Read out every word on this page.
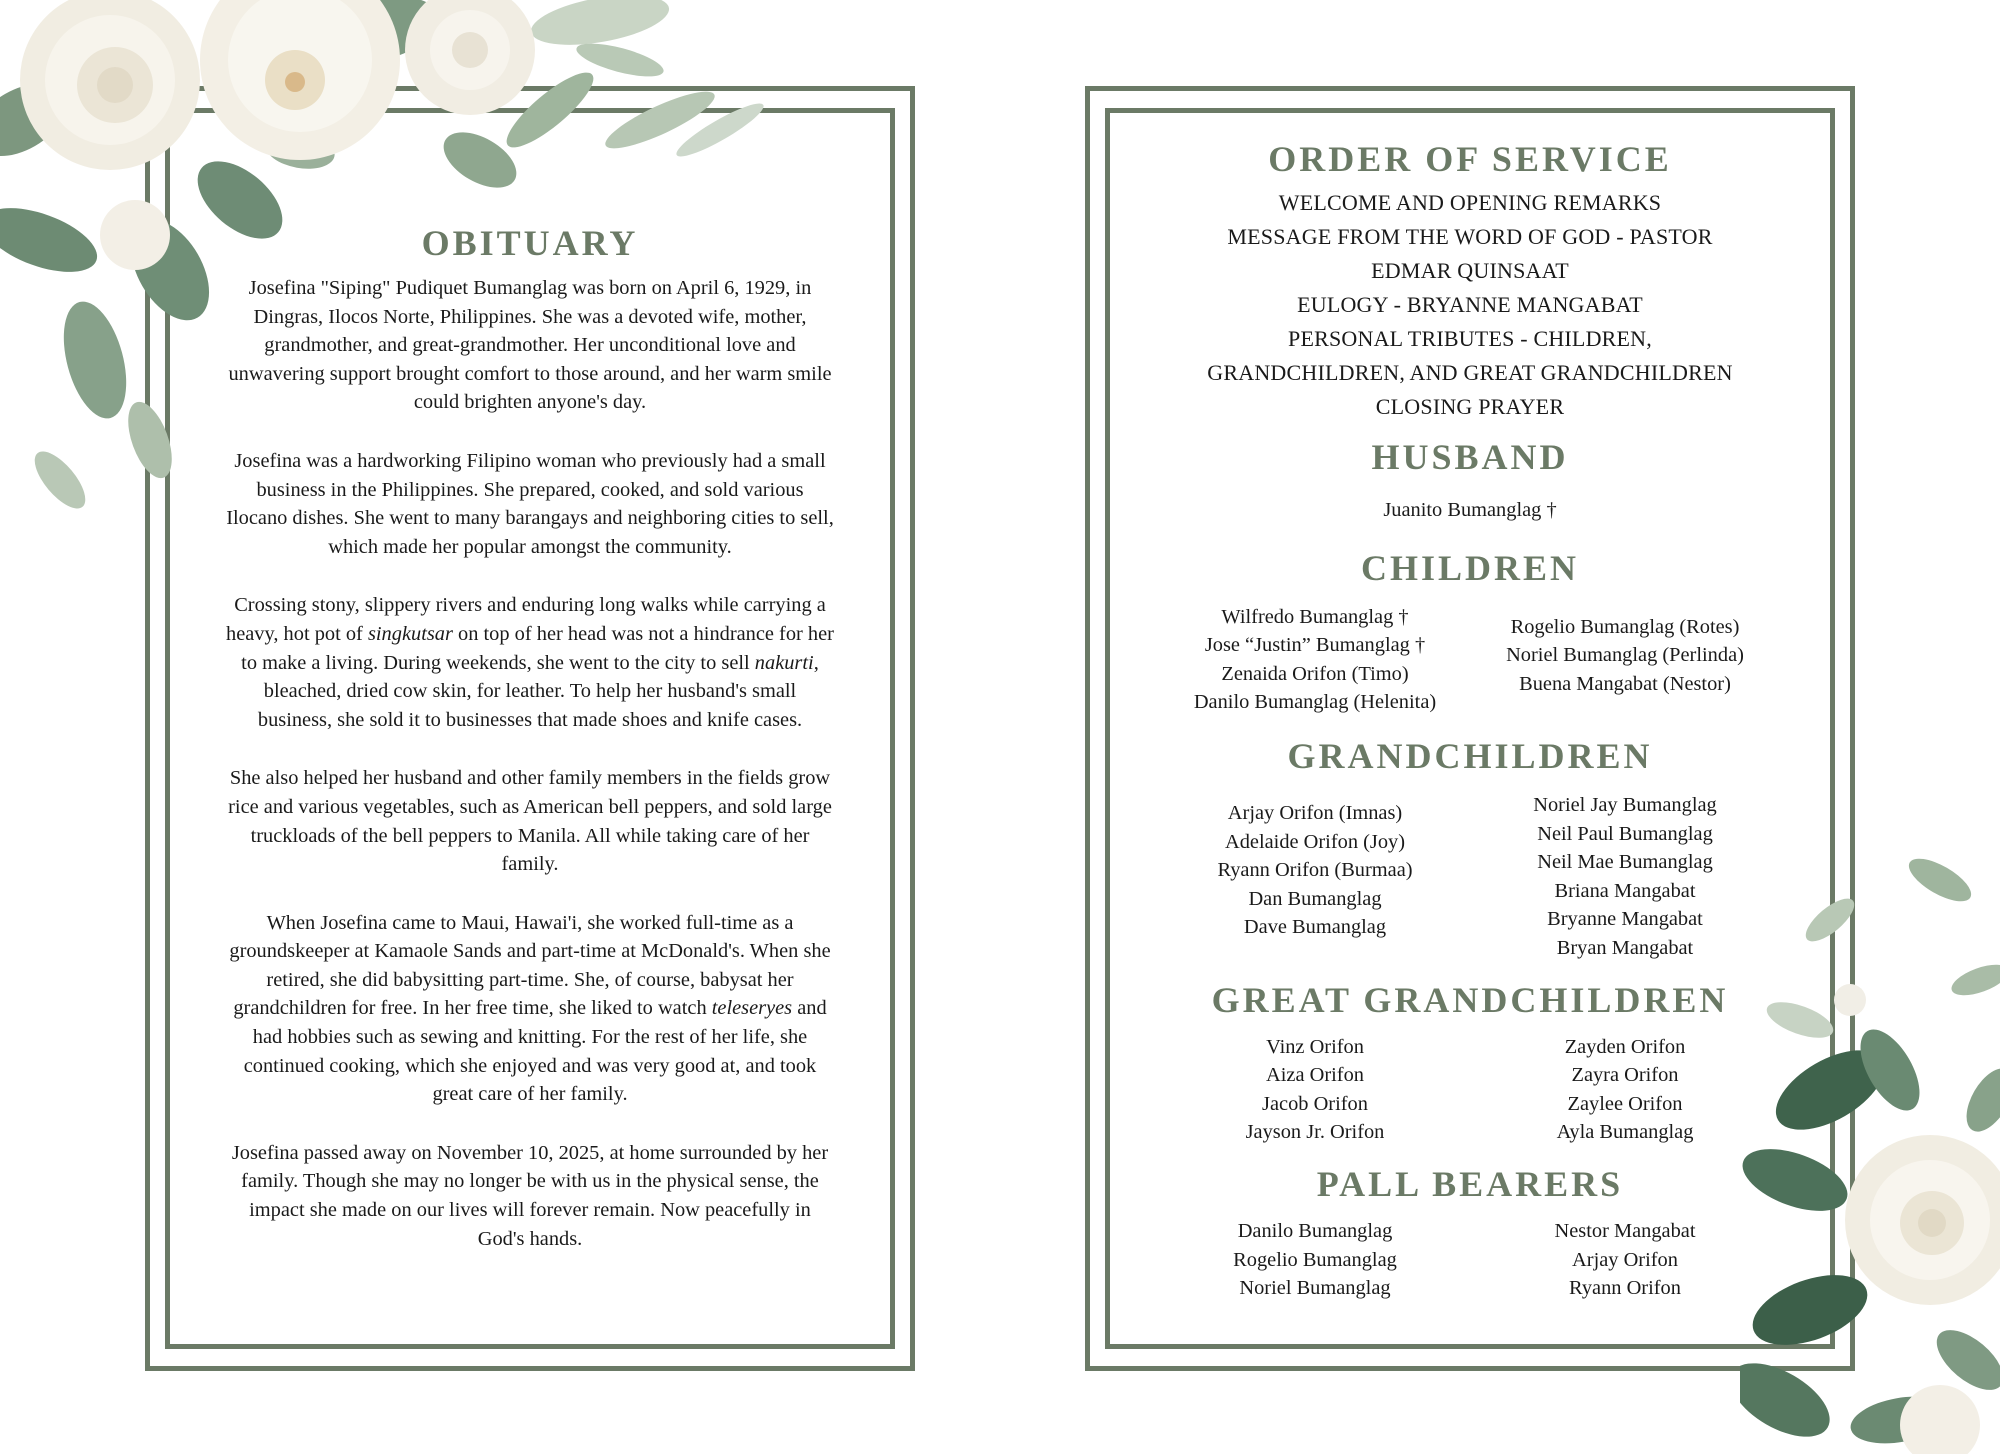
OBITUARY

Josefina "Siping" Pudiquet Bumanglag was born on April 6, 1929, in Dingras, Ilocos Norte, Philippines. She was a devoted wife, mother, grandmother, and great-grandmother. Her unconditional love and unwavering support brought comfort to those around, and her warm smile could brighten anyone's day.

Josefina was a hardworking Filipino woman who previously had a small business in the Philippines. She prepared, cooked, and sold various Ilocano dishes. She went to many barangays and neighboring cities to sell, which made her popular amongst the community.

Crossing stony, slippery rivers and enduring long walks while carrying a heavy, hot pot of singkutsar on top of her head was not a hindrance for her to make a living. During weekends, she went to the city to sell nakurti, bleached, dried cow skin, for leather. To help her husband's small business, she sold it to businesses that made shoes and knife cases.

She also helped her husband and other family members in the fields grow rice and various vegetables, such as American bell peppers, and sold large truckloads of the bell peppers to Manila. All while taking care of her family.

When Josefina came to Maui, Hawai'i, she worked full-time as a groundskeeper at Kamaole Sands and part-time at McDonald's. When she retired, she did babysitting part-time. She, of course, babysat her grandchildren for free. In her free time, she liked to watch teleseryes and had hobbies such as sewing and knitting. For the rest of her life, she continued cooking, which she enjoyed and was very good at, and took great care of her family.

Josefina passed away on November 10, 2025, at home surrounded by her family. Though she may no longer be with us in the physical sense, the impact she made on our lives will forever remain. Now peacefully in God's hands.

ORDER OF SERVICE
WELCOME AND OPENING REMARKS
MESSAGE FROM THE WORD OF GOD - PASTOR
EDMAR QUINSAAT
EULOGY - BRYANNE MANGABAT
PERSONAL TRIBUTES - CHILDREN,
GRANDCHILDREN, AND GREAT GRANDCHILDREN
CLOSING PRAYER
HUSBAND
Juanito Bumanglag †
CHILDREN
Wilfredo Bumanglag †
Jose “Justin” Bumanglag †
Zenaida Orifon (Timo)
Danilo Bumanglag (Helenita)
Rogelio Bumanglag (Rotes)
Noriel Bumanglag (Perlinda)
Buena Mangabat (Nestor)
GRANDCHILDREN
Arjay Orifon (Imnas)
Adelaide Orifon (Joy)
Ryann Orifon (Burmaa)
Dan Bumanglag
Dave Bumanglag
Noriel Jay Bumanglag
Neil Paul Bumanglag
Neil Mae Bumanglag
Briana Mangabat
Bryanne Mangabat
Bryan Mangabat
GREAT GRANDCHILDREN
Vinz Orifon
Aiza Orifon
Jacob Orifon
Jayson Jr. Orifon
Zayden Orifon
Zayra Orifon
Zaylee Orifon
Ayla Bumanglag
PALL BEARERS
Danilo Bumanglag
Rogelio Bumanglag
Noriel Bumanglag
Nestor Mangabat
Arjay Orifon
Ryann Orifon
